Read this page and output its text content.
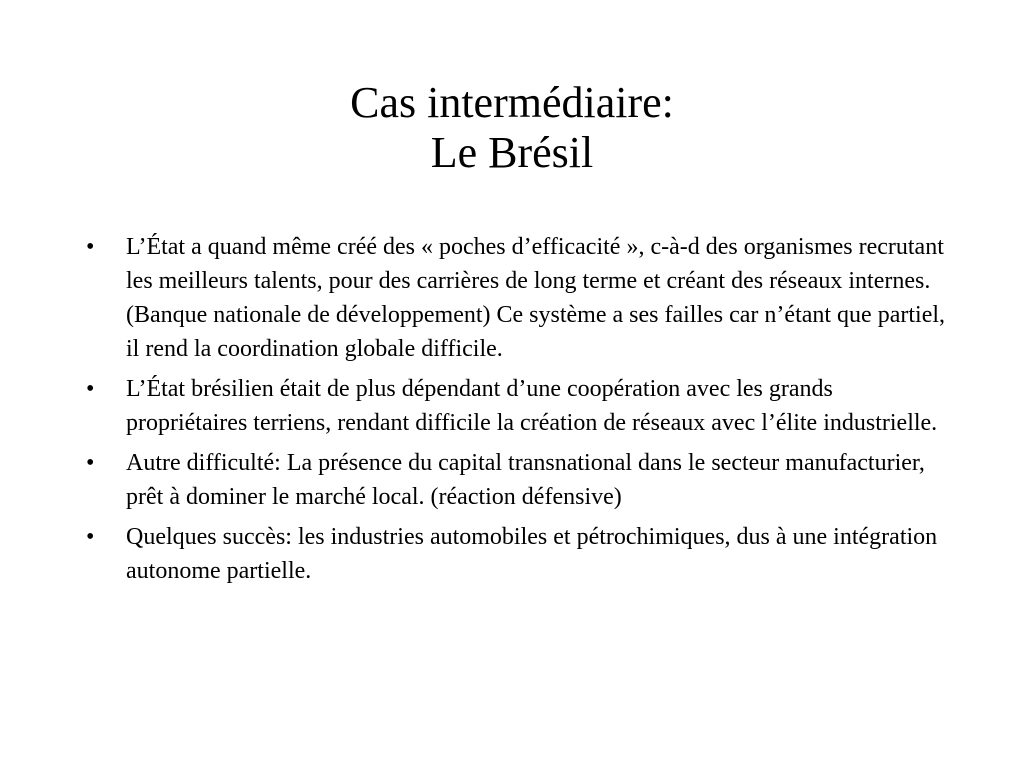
Cas intermédiaire:
Le Brésil
•	L’État a quand même créé des « poches d’efficacité », c-à-d des organismes recrutant les meilleurs talents, pour des carrières de long terme et créant des réseaux internes. (Banque nationale de développement) Ce système a ses failles car n’étant que partiel, il rend la coordination globale difficile.
•	L’État brésilien était de plus dépendant d’une coopération avec les grands propriétaires terriens, rendant difficile la création de réseaux avec l’élite industrielle.
•	Autre difficulté: La présence du capital transnational dans le secteur manufacturier, prêt à dominer le marché local. (réaction défensive)
•	Quelques succès: les industries automobiles et pétrochimiques, dus à une intégration autonome partielle.
